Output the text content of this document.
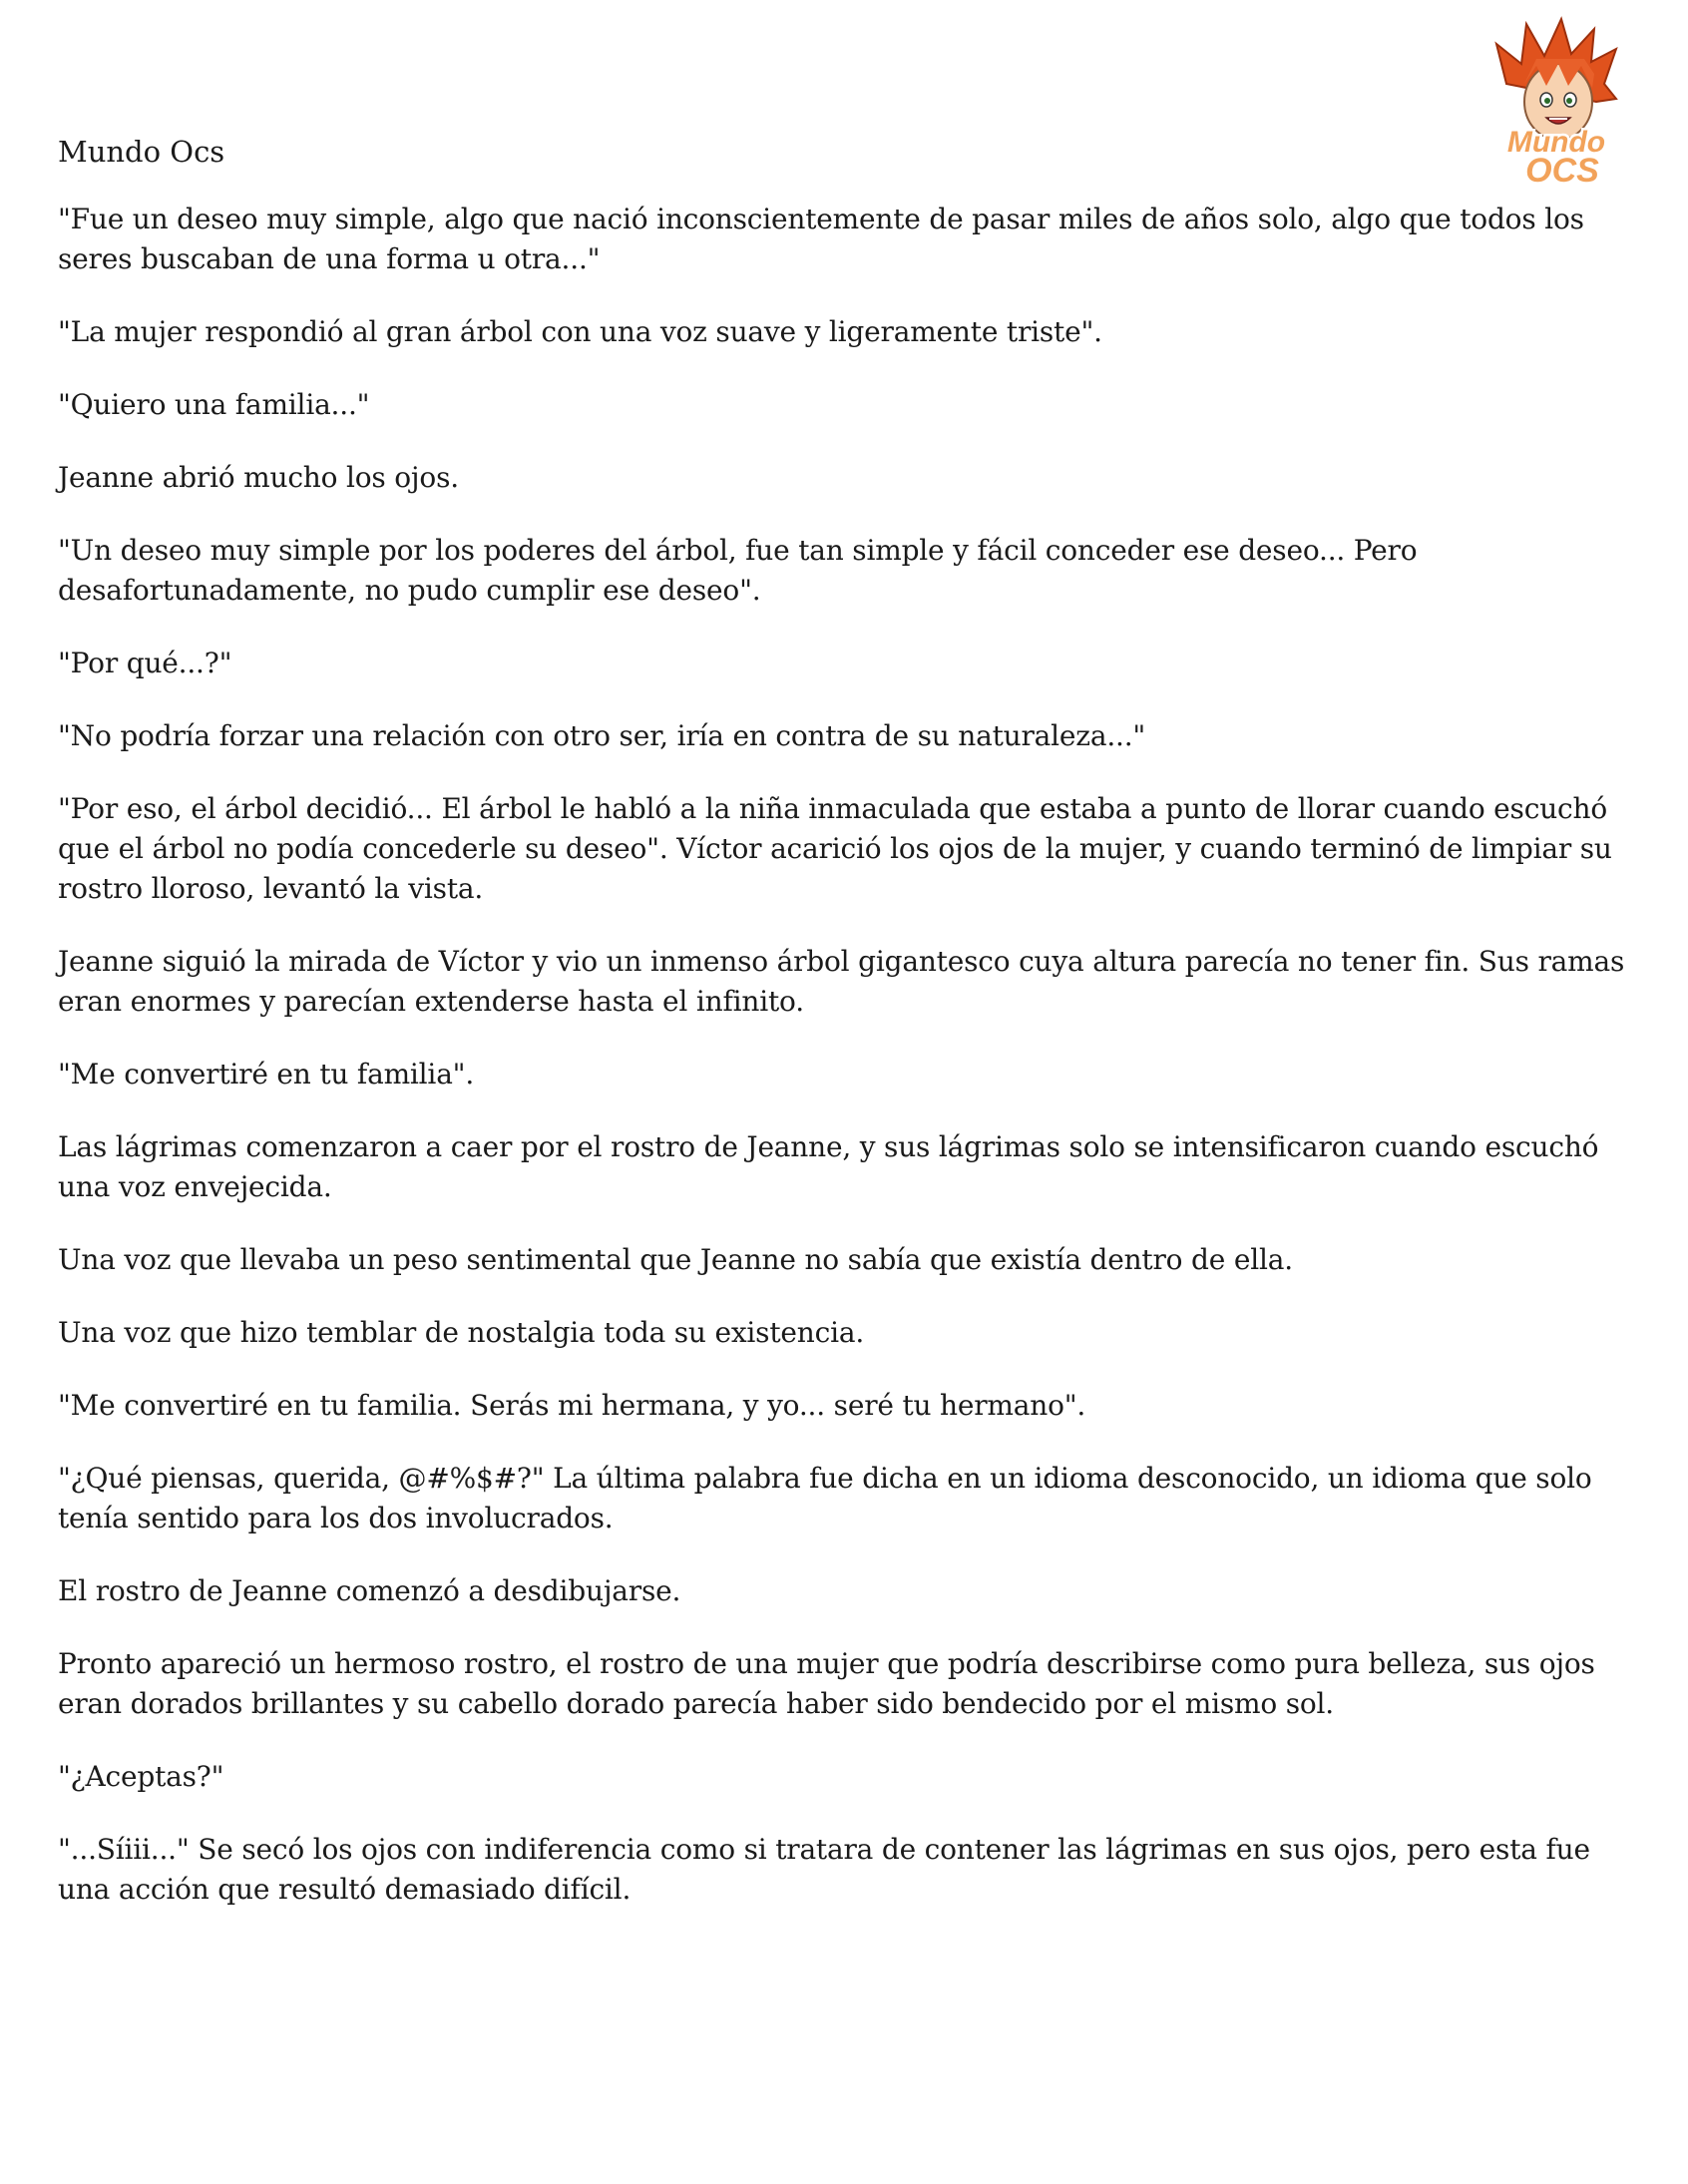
Mundo
OCS
Mundo Ocs

"Fue un deseo muy simple, algo que nació inconscientemente de pasar miles de años solo, algo que todos los seres buscaban de una forma u otra..."

"La mujer respondió al gran árbol con una voz suave y ligeramente triste".

"Quiero una familia..."

Jeanne abrió mucho los ojos.

"Un deseo muy simple por los poderes del árbol, fue tan simple y fácil conceder ese deseo... Pero desafortunadamente, no pudo cumplir ese deseo".

"Por qué...?"

"No podría forzar una relación con otro ser, iría en contra de su naturaleza..."

"Por eso, el árbol decidió... El árbol le habló a la niña inmaculada que estaba a punto de llorar cuando escuchó que el árbol no podía concederle su deseo". Víctor acarició los ojos de la mujer, y cuando terminó de limpiar su rostro lloroso, levantó la vista.

Jeanne siguió la mirada de Víctor y vio un inmenso árbol gigantesco cuya altura parecía no tener fin. Sus ramas eran enormes y parecían extenderse hasta el infinito.

"Me convertiré en tu familia".

Las lágrimas comenzaron a caer por el rostro de Jeanne, y sus lágrimas solo se intensificaron cuando escuchó una voz envejecida.

Una voz que llevaba un peso sentimental que Jeanne no sabía que existía dentro de ella.

Una voz que hizo temblar de nostalgia toda su existencia.

"Me convertiré en tu familia. Serás mi hermana, y yo... seré tu hermano".

"¿Qué piensas, querida, @#%$#?" La última palabra fue dicha en un idioma desconocido, un idioma que solo tenía sentido para los dos involucrados.

El rostro de Jeanne comenzó a desdibujarse.

Pronto apareció un hermoso rostro, el rostro de una mujer que podría describirse como pura belleza, sus ojos eran dorados brillantes y su cabello dorado parecía haber sido bendecido por el mismo sol.

"¿Aceptas?"

"...Síiii..." Se secó los ojos con indiferencia como si tratara de contener las lágrimas en sus ojos, pero esta fue una acción que resultó demasiado difícil.
